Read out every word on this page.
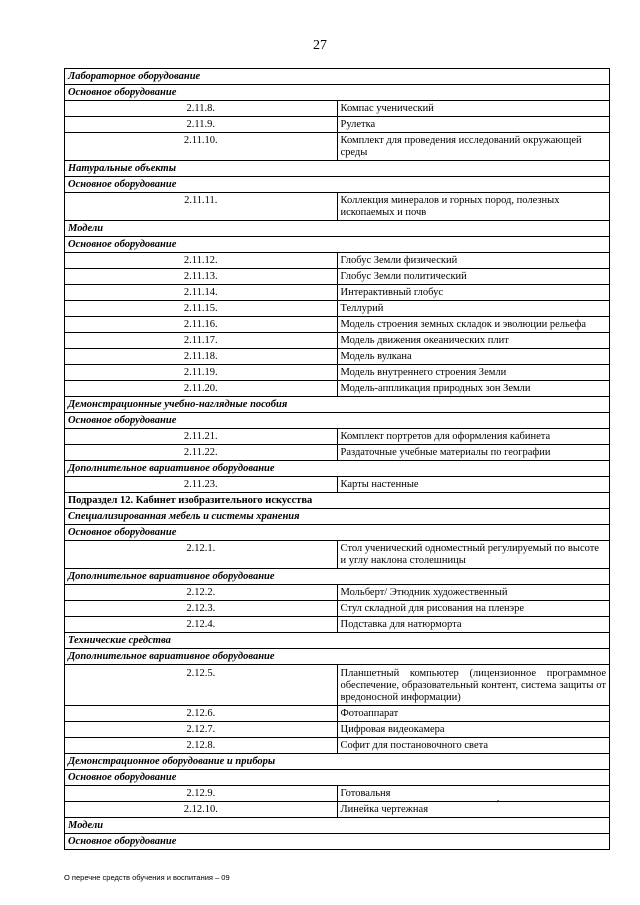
27
Лабораторное оборудование	
Основное оборудование	
2.11.8.	Компас ученический
2.11.9.	Рулетка
2.11.10.	Комплект для проведения исследований окружающей среды
Натуральные объекты	
Основное оборудование	
2.11.11.	Коллекция минералов и горных пород, полезных ископаемых и почв
Модели	
Основное оборудование	
2.11.12.	Глобус Земли физический
2.11.13.	Глобус Земли политический
2.11.14.	Интерактивный глобус
2.11.15.	Теллурий
2.11.16.	Модель строения земных складок и эволюции рельефа
2.11.17.	Модель движения океанических плит
2.11.18.	Модель вулкана
2.11.19.	Модель внутреннего строения Земли
2.11.20.	Модель-аппликация природных зон Земли
Демонстрационные учебно-наглядные пособия	
Основное оборудование	
2.11.21.	Комплект портретов для оформления кабинета
2.11.22.	Раздаточные учебные материалы по географии
Дополнительное вариативное оборудование	
2.11.23.	Карты настенные
Подраздел 12. Кабинет изобразительного искусства	
Специализированная мебель и системы хранения	
Основное оборудование	
2.12.1.	Стол ученический одноместный регулируемый по высоте и углу наклона столешницы
Дополнительное вариативное оборудование	
2.12.2.	Мольберт/ Этюдник художественный
2.12.3.	Стул складной для рисования на пленэре
2.12.4.	Подставка для натюрморта
Технические средства	
Дополнительное вариативное оборудование	
2.12.5.	Планшетный компьютер (лицензионное программное обеспечение, образовательный контент, система защиты от вредоносной информации)
2.12.6.	Фотоаппарат
2.12.7.	Цифровая видеокамера
2.12.8.	Софит для постановочного света
Демонстрационное оборудование и приборы	
Основное оборудование	
2.12.9.	Готовальня
2.12.10.	Линейка чертежная
Модели	
Основное оборудование	
,
О перечне средств обучения и воспитания – 09
